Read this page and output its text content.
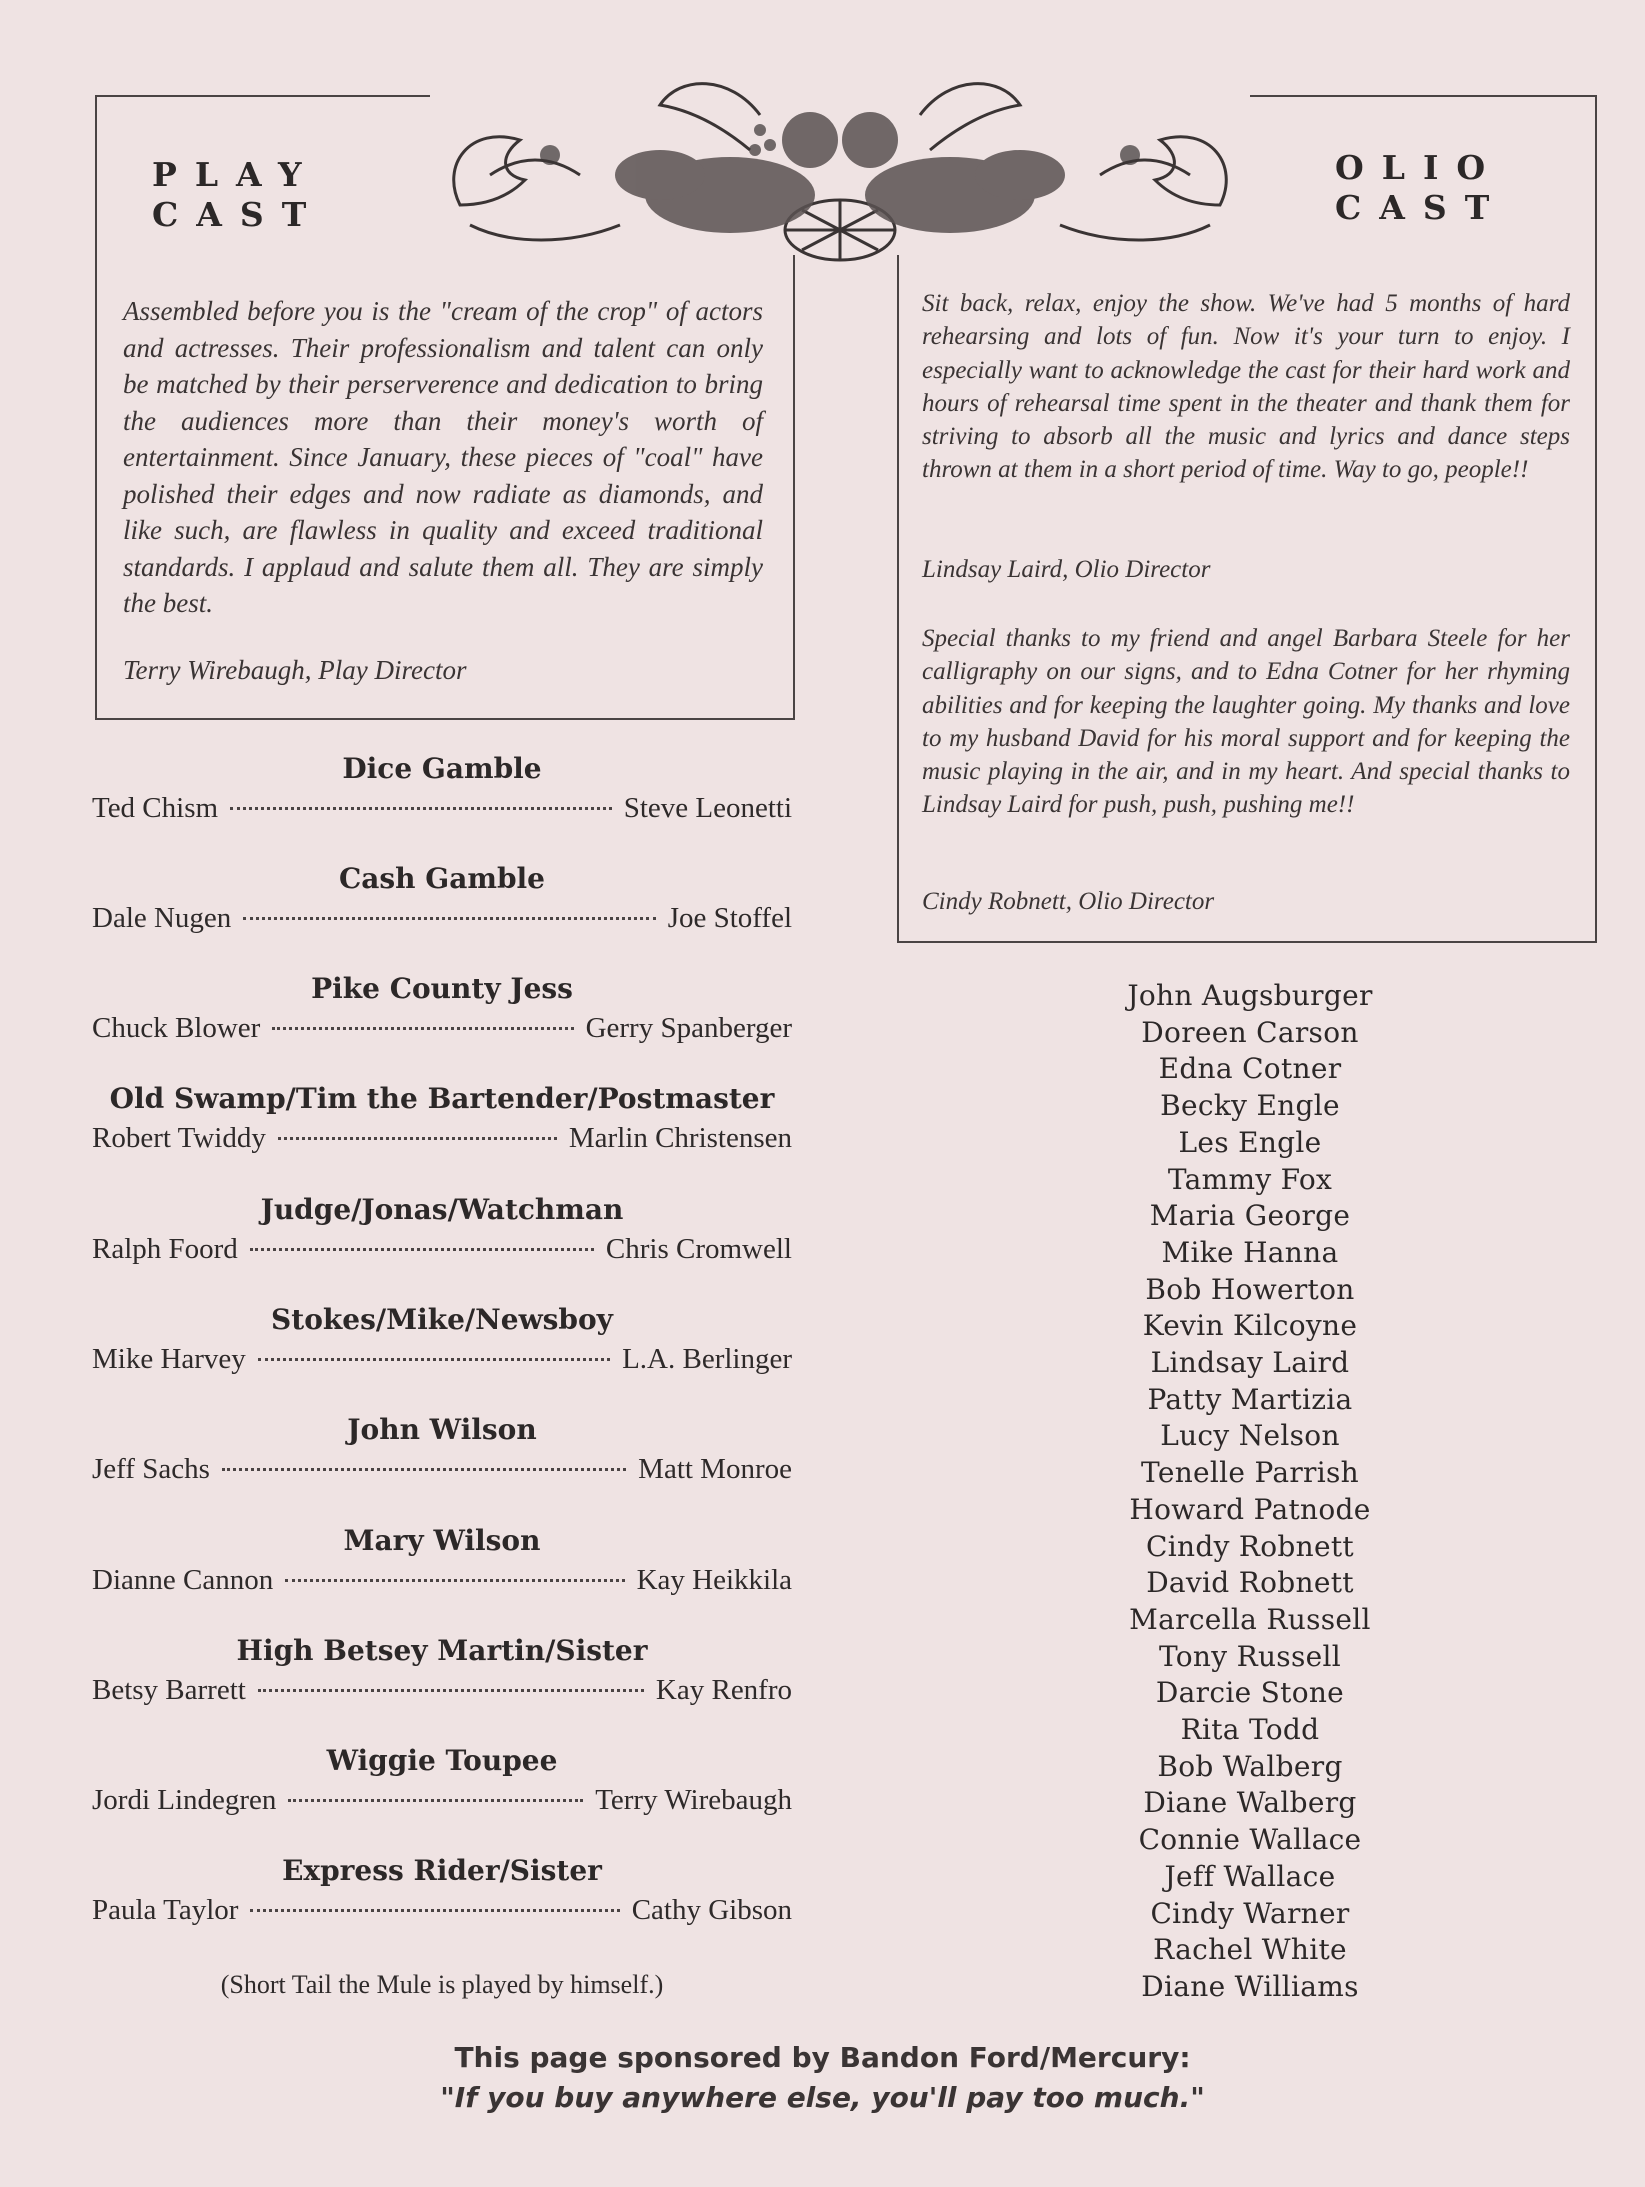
PLAY
CAST
OLIO
CAST
Assembled before you is the "cream of the crop" of actors and actresses. Their professionalism and talent can only be matched by their perserverence and dedication to bring the audiences more than their money's worth of entertainment. Since January, these pieces of "coal" have polished their edges and now radiate as diamonds, and like such, are flawless in quality and exceed traditional standards. I applaud and salute them all. They are simply the best.
Terry Wirebaugh, Play Director
Sit back, relax, enjoy the show. We've had 5 months of hard rehearsing and lots of fun. Now it's your turn to enjoy. I especially want to acknowledge the cast for their hard work and hours of rehearsal time spent in the theater and thank them for striving to absorb all the music and lyrics and dance steps thrown at them in a short period of time. Way to go, people!!
Lindsay Laird, Olio Director
Special thanks to my friend and angel Barbara Steele for her calligraphy on our signs, and to Edna Cotner for her rhyming abilities and for keeping the laughter going. My thanks and love to my husband David for his moral support and for keeping the music playing in the air, and in my heart. And special thanks to Lindsay Laird for push, push, pushing me!!
Cindy Robnett, Olio Director
Dice Gamble
Ted Chism	Steve Leonetti
Cash Gamble
Dale Nugen	Joe Stoffel
Pike County Jess
Chuck Blower	Gerry Spanberger
Old Swamp/Tim the Bartender/Postmaster
Robert Twiddy	Marlin Christensen
Judge/Jonas/Watchman
Ralph Foord	Chris Cromwell
Stokes/Mike/Newsboy
Mike Harvey	L.A. Berlinger
John Wilson
Jeff Sachs	Matt Monroe
Mary Wilson
Dianne Cannon	Kay Heikkila
High Betsey Martin/Sister
Betsy Barrett	Kay Renfro
Wiggie Toupee
Jordi Lindegren	Terry Wirebaugh
Express Rider/Sister
Paula Taylor	Cathy Gibson
(Short Tail the Mule is played by himself.)
John Augsburger
Doreen Carson
Edna Cotner
Becky Engle
Les Engle
Tammy Fox
Maria George
Mike Hanna
Bob Howerton
Kevin Kilcoyne
Lindsay Laird
Patty Martizia
Lucy Nelson
Tenelle Parrish
Howard Patnode
Cindy Robnett
David Robnett
Marcella Russell
Tony Russell
Darcie Stone
Rita Todd
Bob Walberg
Diane Walberg
Connie Wallace
Jeff Wallace
Cindy Warner
Rachel White
Diane Williams
This page sponsored by Bandon Ford/Mercury:
"If you buy anywhere else, you'll pay too much."
